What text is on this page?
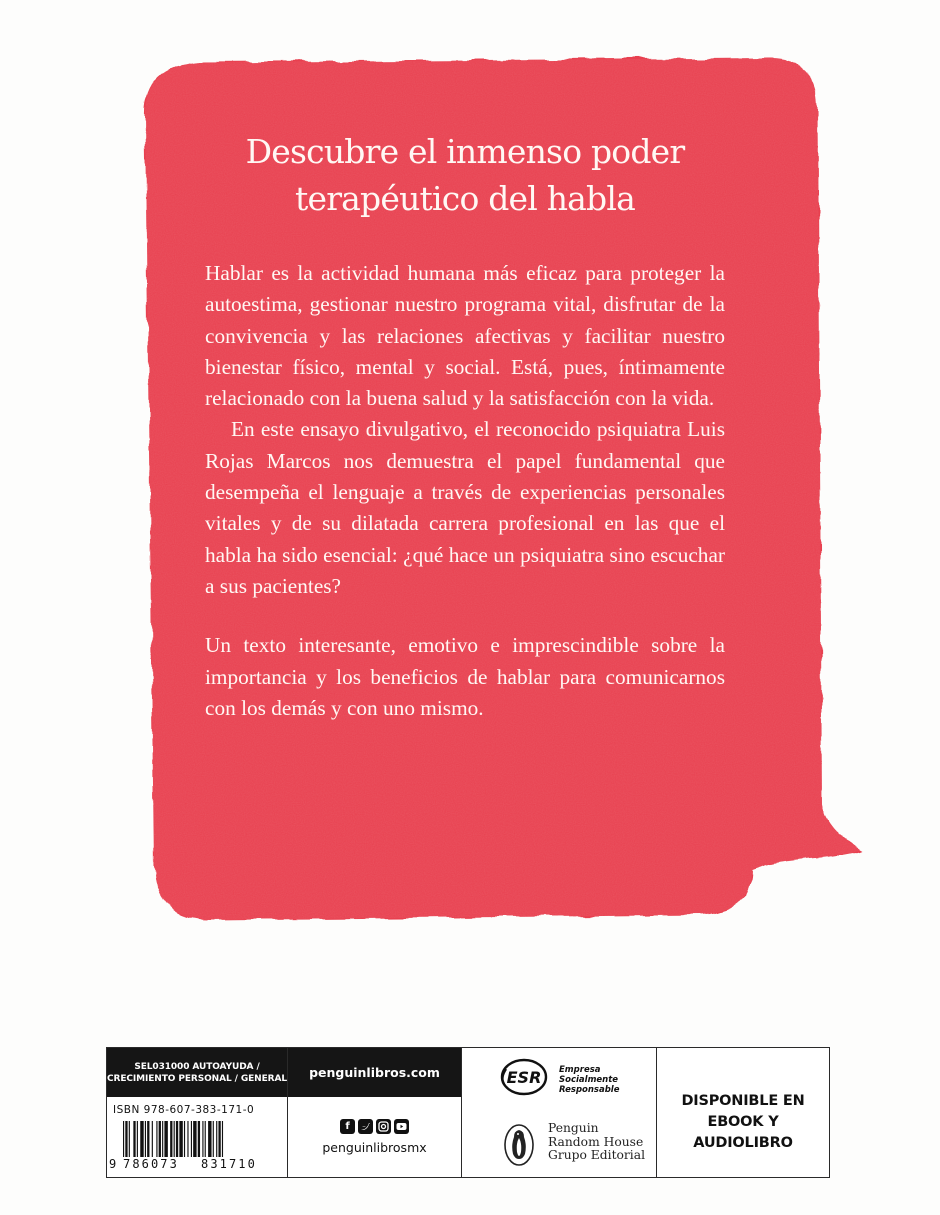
Descubre el inmenso poder
terapéutico del habla

Hablar es la actividad humana más eficaz para proteger la autoestima, gestionar nuestro programa vital, disfrutar de la convivencia y las relaciones afectivas y facilitar nuestro bienestar físico, mental y social. Está, pues, íntimamente relacionado con la buena salud y la satisfacción con la vida.

En este ensayo divulgativo, el reconocido psiquiatra Luis Rojas Marcos nos demuestra el papel fundamental que desempeña el lenguaje a través de experiencias personales vitales y de su dilatada carrera profesional en las que el habla ha sido esencial: ¿qué hace un psiquiatra sino escuchar a sus pacientes?

Un texto interesante, emotivo e imprescindible sobre la importancia y los beneficios de hablar para comunicarnos con los demás y con uno mismo.

SEL031000 AUTOAYUDA /
CRECIMIENTO PERSONAL / GENERAL
ISBN 978-607-383-171-0
9 786073	831710
penguinlibros.com
f
penguinlibrosmx
ESR Empresa
Socialmente
Responsable
Penguin
Random House
Grupo Editorial
DISPONIBLE EN
EBOOK Y AUDIOLIBRO
